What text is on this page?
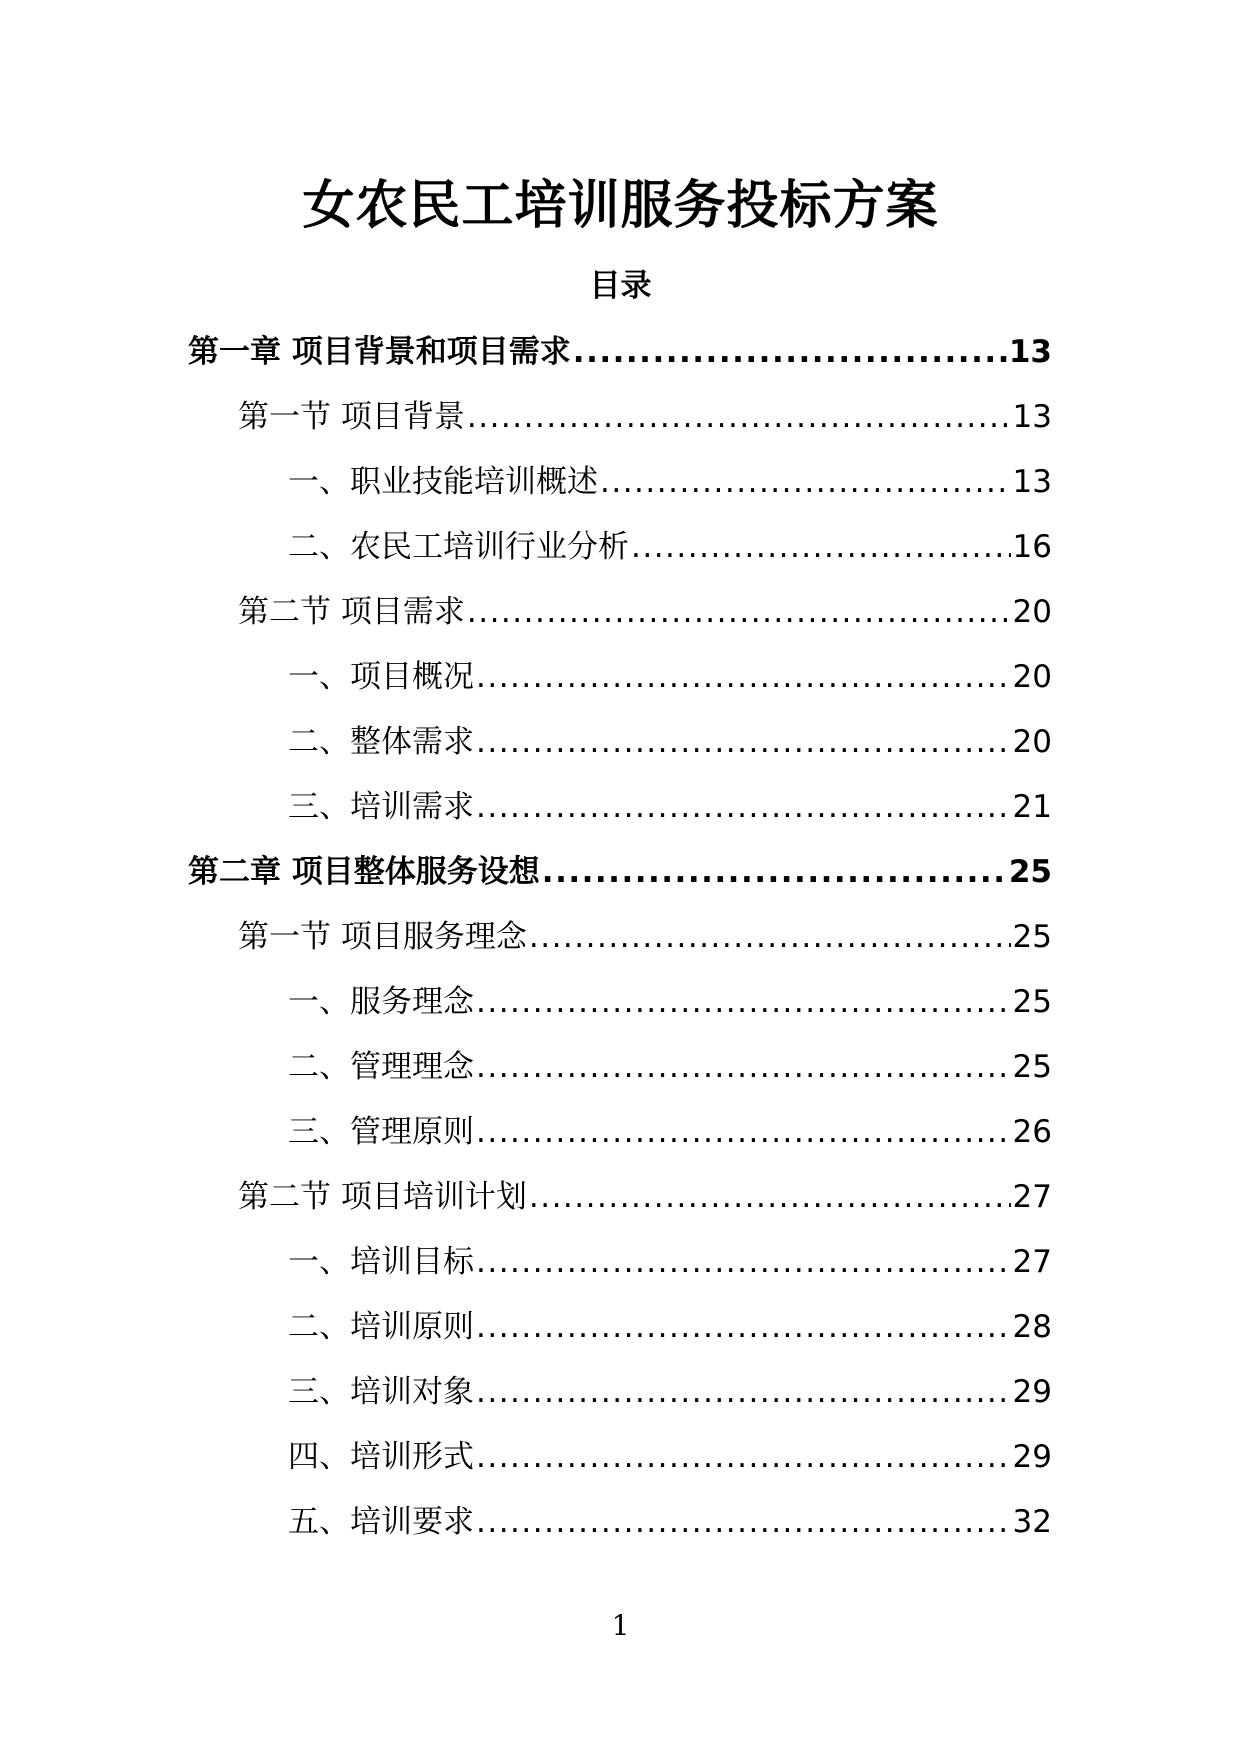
女农民工培训服务投标方案
目录
第一章 项目背景和项目需求 .....	13
第一节 项目背景 .....	13
一、职业技能培训概述 .....	13
二、农民工培训行业分析 .....	16
第二节 项目需求 .....	20
一、项目概况 .....	20
二、整体需求 .....	20
三、培训需求 .....	21
第二章 项目整体服务设想 .....	25
第一节 项目服务理念 .....	25
一、服务理念 .....	25
二、管理理念 .....	25
三、管理原则 .....	26
第二节 项目培训计划 .....	27
一、培训目标 .....	27
二、培训原则 .....	28
三、培训对象 .....	29
四、培训形式 .....	29
五、培训要求 .....	32
1
